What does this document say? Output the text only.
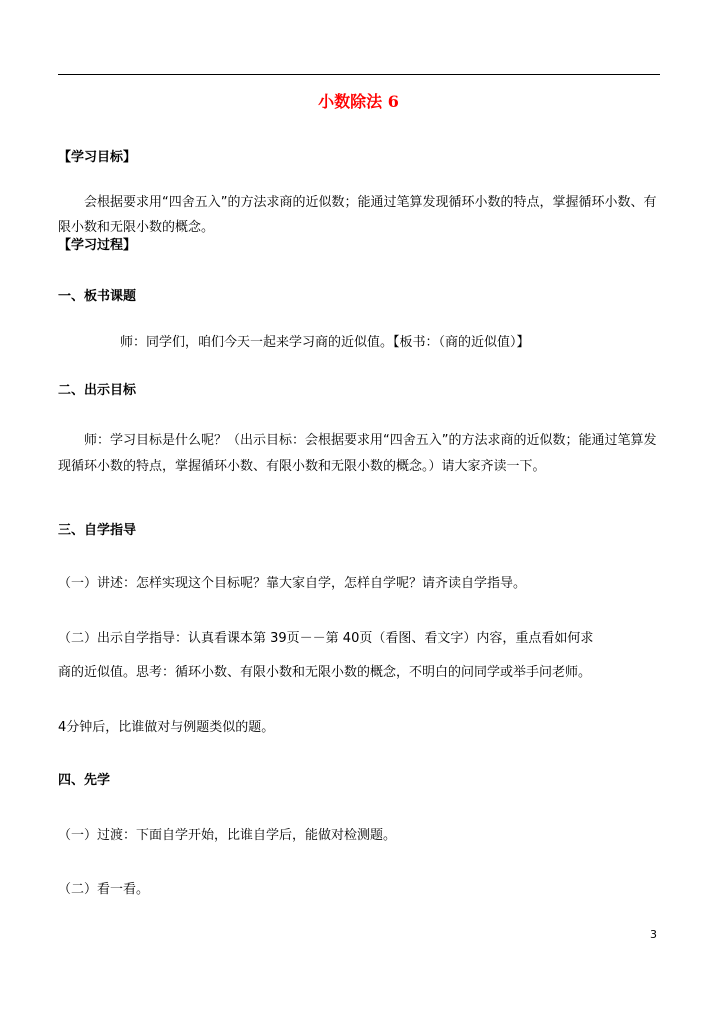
小数除法 6
【学习目标】
会根据要求用“四舍五入”的方法求商的近似数；能通过笔算发现循环小数的特点，掌握循环小数、有限小数和无限小数的概念。
【学习过程】
一、板书课题
师：同学们，咱们今天一起来学习商的近似值。【板书：（商的近似值）】
二、出示目标
师：学习目标是什么呢？（出示目标：会根据要求用“四舍五入”的方法求商的近似数；能通过笔算发现循环小数的特点，掌握循环小数、有限小数和无限小数的概念。）请大家齐读一下。
三、自学指导
（一）讲述：怎样实现这个目标呢？靠大家自学，怎样自学呢？请齐读自学指导。
（二）出示自学指导：认真看课本第 39页－－第 40页（看图、看文字）内容，重点看如何求
商的近似值。思考：循环小数、有限小数和无限小数的概念，不明白的问同学或举手问老师。
4分钟后，比谁做对与例题类似的题。
四、先学
（一）过渡：下面自学开始，比谁自学后，能做对检测题。
（二）看一看。
3
